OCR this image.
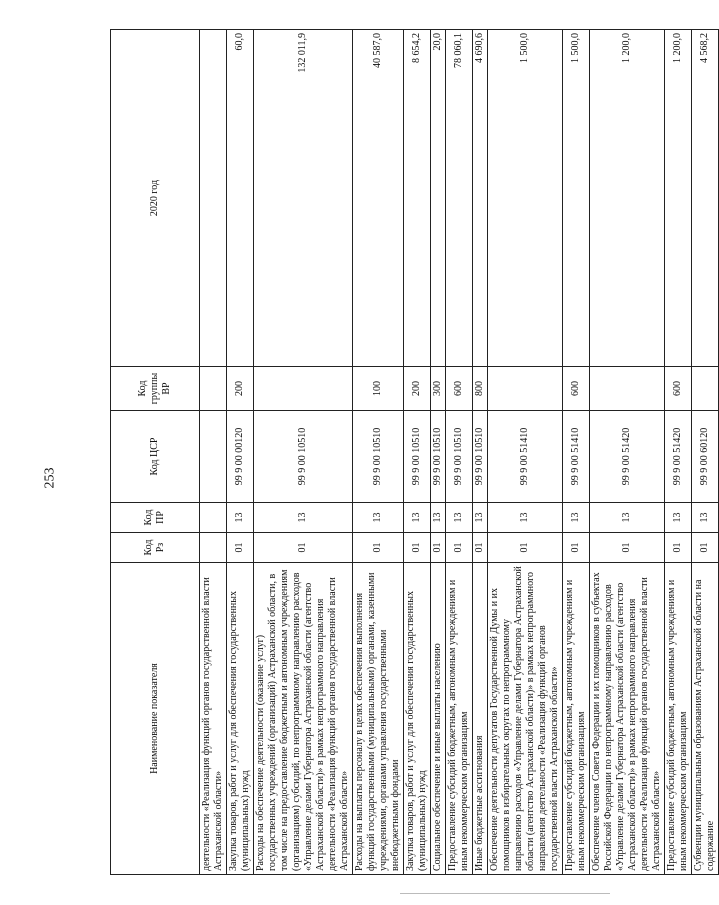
253
Наименование показателя	Код Рз	Код ПР	Код ЦСР	Код группы ВР	2020 год
деятельности «Реализация функций органов государственной власти Астраханской области»					
Закупка товаров, работ и услуг для обеспечения государственных (муниципальных) нужд	01	13	99 9 00 00120	200	60,0
Расходы на обеспечение деятельности (оказание услуг) государственных учреждений (организаций) Астраханской области, в том числе на предоставление бюджетным и автономным учреждениям (организациям) субсидий, по непрограммному направлению расходов «Управление делами Губернатора Астраханской области (агентство Астраханской области)» в рамках непрограммного направления деятельности «Реализация функций органов государственной власти Астраханской области»	01	13	99 9 00 10510		132 011,9
Расходы на выплаты персоналу в целях обеспечения выполнения функций государственными (муниципальными) органами, казенными учреждениями, органами управления государственными внебюджетными фондами	01	13	99 9 00 10510	100	40 587,0
Закупка товаров, работ и услуг для обеспечения государственных (муниципальных) нужд	01	13	99 9 00 10510	200	8 654,2
Социальное обеспечение и иные выплаты населению	01	13	99 9 00 10510	300	20,0
Предоставление субсидий бюджетным, автономным учреждениям и иным некоммерческим организациям	01	13	99 9 00 10510	600	78 060,1
Иные бюджетные ассигнования	01	13	99 9 00 10510	800	4 690,6
Обеспечение деятельности депутатов Государственной Думы и их помощников в избирательных округах по непрограммному направлению расходов «Управление делами Губернатора Астраханской области (агентство Астраханской области)» в рамках непрограммного направления деятельности «Реализация функций органов государственной власти Астраханской области»	01	13	99 9 00 51410		1 500,0
Предоставление субсидий бюджетным, автономным учреждениям и иным некоммерческим организациям	01	13	99 9 00 51410	600	1 500,0
Обеспечение членов Совета Федерации и их помощников в субъектах Российской Федерации по непрограммному направлению расходов «Управление делами Губернатора Астраханской области (агентство Астраханской области)» в рамках непрограммного направления деятельности «Реализация функций органов государственной власти Астраханской области»	01	13	99 9 00 51420		1 200,0
Предоставление субсидий бюджетным, автономным учреждениям и иным некоммерческим организациям	01	13	99 9 00 51420	600	1 200,0
Субвенции муниципальным образованиям Астраханской области на содержание	01	13	99 9 00 60120		4 568,2
